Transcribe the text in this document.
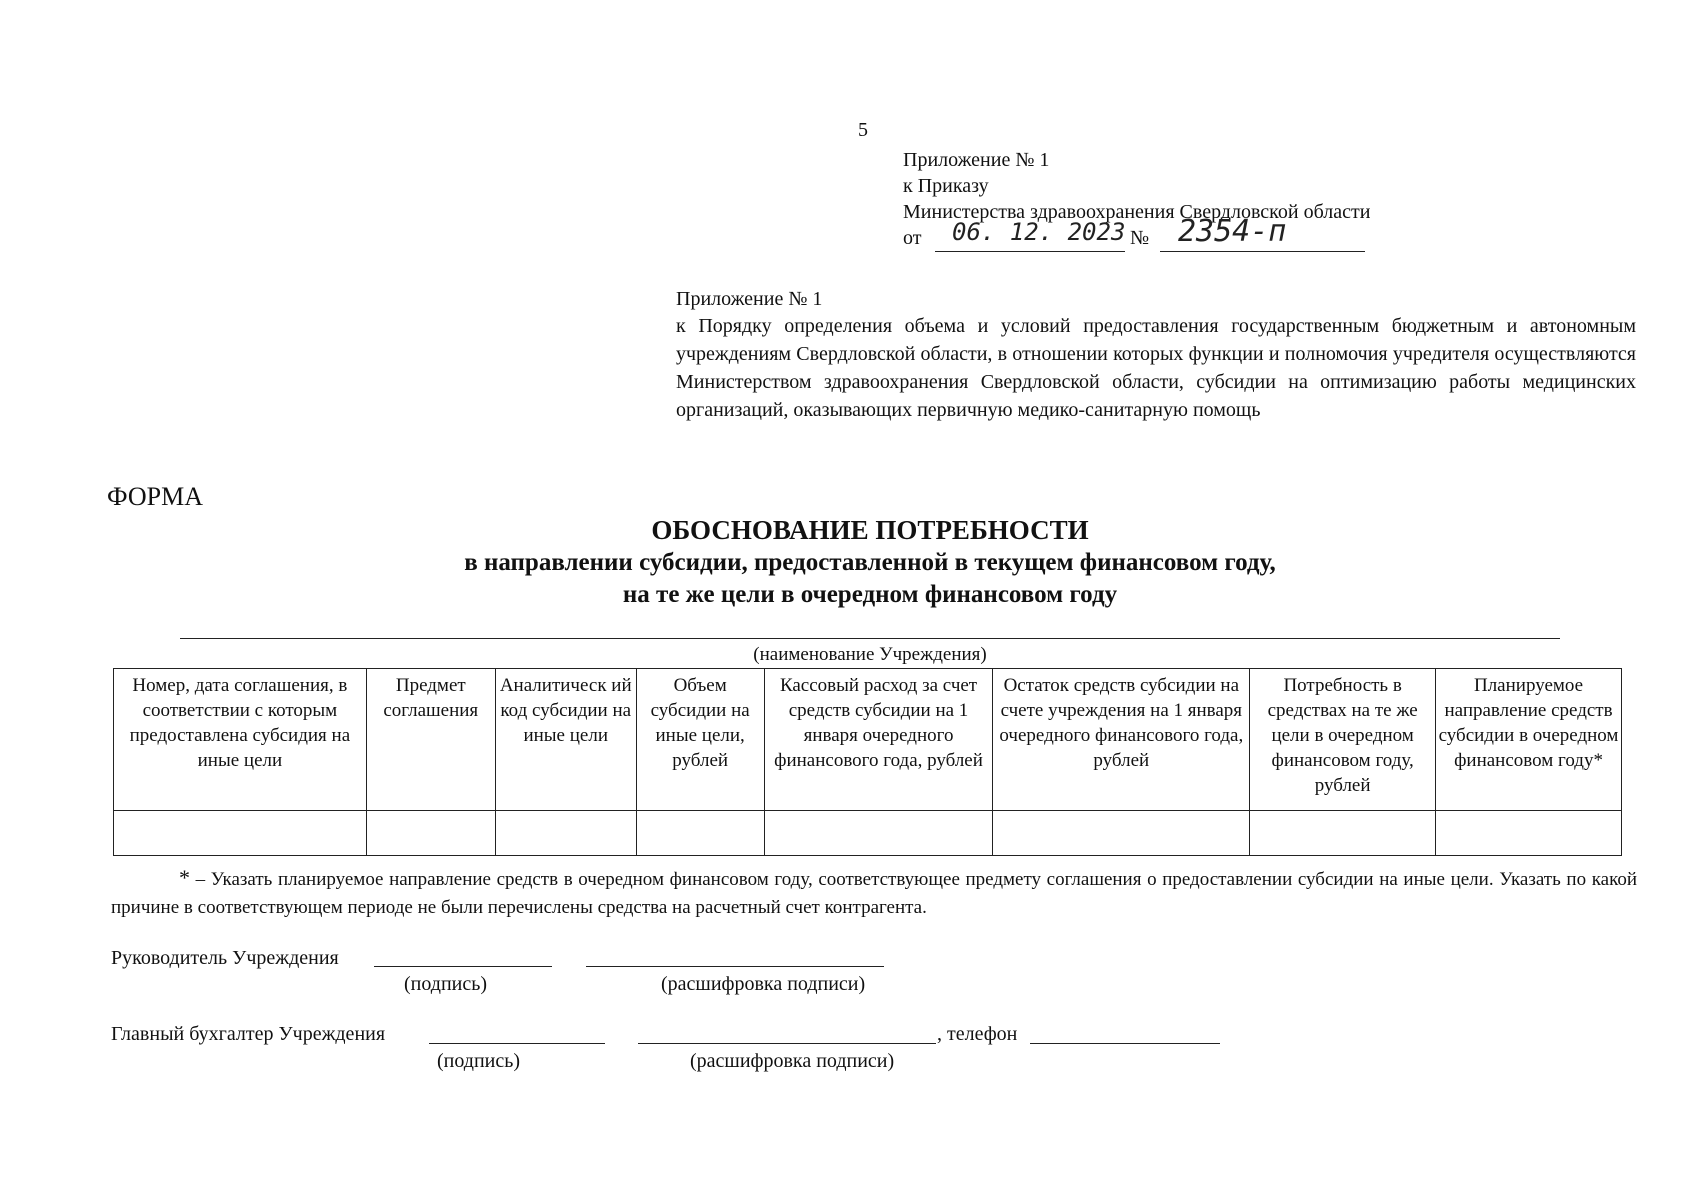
5
Приложение № 1
к Приказу
Министерства здравоохранения Свердловской области
от 06. 12. 2023 № 2354-п
Приложение № 1
к Порядку определения объема и условий предоставления государственным бюджетным и автономным учреждениям Свердловской области, в отношении которых функции и полномочия учредителя осуществляются Министерством здравоохранения Свердловской области, субсидии на оптимизацию работы медицинских организаций, оказывающих первичную медико-санитарную помощь
ФОРМА
ОБОСНОВАНИЕ ПОТРЕБНОСТИ
в направлении субсидии, предоставленной в текущем финансовом году,
на те же цели в очередном финансовом году
(наименование Учреждения)
Номер, дата соглашения, в соответствии с которым предоставлена субсидия на иные цели	Предмет соглашения	Аналитическ ий код субсидии на иные цели	Объем субсидии на иные цели, рублей	Кассовый расход за счет средств субсидии на 1 января очередного финансового года, рублей	Остаток средств субсидии на счете учреждения на 1 января очередного финансового года, рублей	Потребность в средствах на те же цели в очередном финансовом году, рублей	Планируемое направление средств субсидии в очередном финансовом году*

* – Указать планируемое направление средств в очередном финансовом году, соответствующее предмету соглашения о предоставлении субсидии на иные цели. Указать по какой причине в соответствующем периоде не были перечислены средства на расчетный счет контрагента.
Руководитель Учреждения
(подпись)	(расшифровка подписи)
Главный бухгалтер Учреждения	, телефон
(подпись)	(расшифровка подписи)
